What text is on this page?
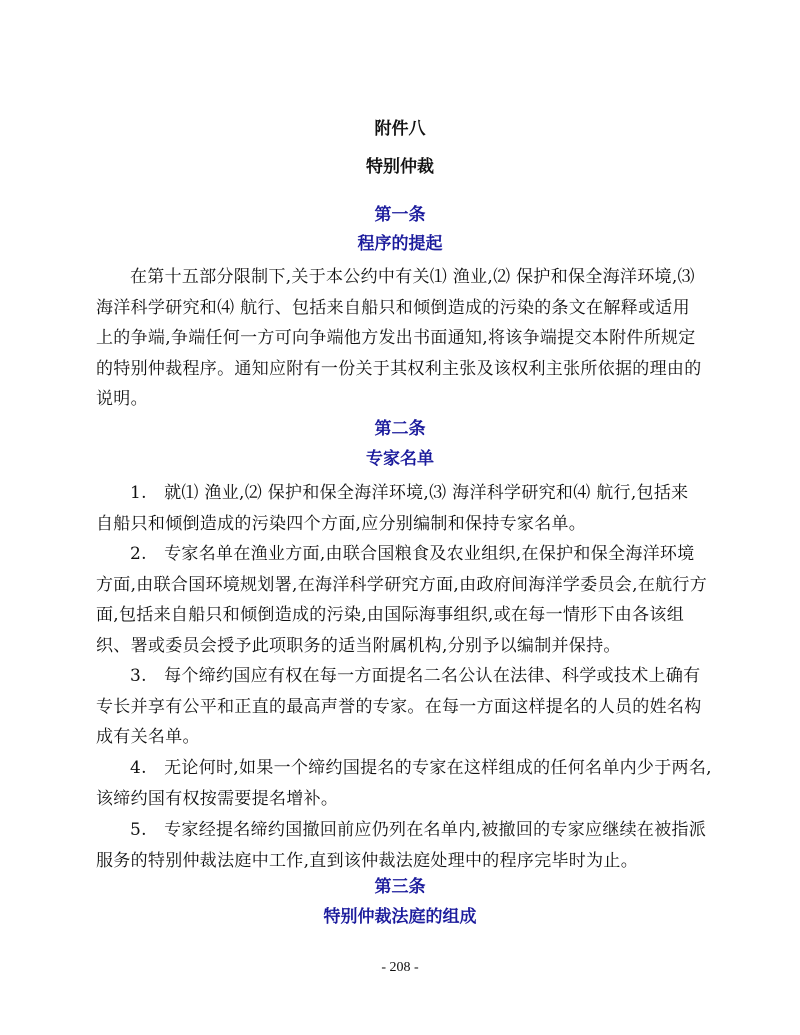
附件八
特别仲裁
第一条
程序的提起
在第十五部分限制下,关于本公约中有关⑴ 渔业,⑵ 保护和保全海洋环境,⑶
海洋科学研究和⑷ 航行、包括来自船只和倾倒造成的污染的条文在解释或适用
上的争端,争端任何一方可向争端他方发出书面通知,将该争端提交本附件所规定
的特别仲裁程序。通知应附有一份关于其权利主张及该权利主张所依据的理由的
说明。
第二条
专家名单
1.　就⑴ 渔业,⑵ 保护和保全海洋环境,⑶ 海洋科学研究和⑷ 航行,包括来
自船只和倾倒造成的污染四个方面,应分别编制和保持专家名单。
2.　专家名单在渔业方面,由联合国粮食及农业组织,在保护和保全海洋环境
方面,由联合国环境规划署,在海洋科学研究方面,由政府间海洋学委员会,在航行方
面,包括来自船只和倾倒造成的污染,由国际海事组织,或在每一情形下由各该组
织、署或委员会授予此项职务的适当附属机构,分别予以编制并保持。
3.　每个缔约国应有权在每一方面提名二名公认在法律、科学或技术上确有
专长并享有公平和正直的最高声誉的专家。在每一方面这样提名的人员的姓名构
成有关名单。
4.　无论何时,如果一个缔约国提名的专家在这样组成的任何名单内少于两名,
该缔约国有权按需要提名增补。
5.　专家经提名缔约国撤回前应仍列在名单内,被撤回的专家应继续在被指派
服务的特别仲裁法庭中工作,直到该仲裁法庭处理中的程序完毕时为止。
第三条
特别仲裁法庭的组成
- 208 -
